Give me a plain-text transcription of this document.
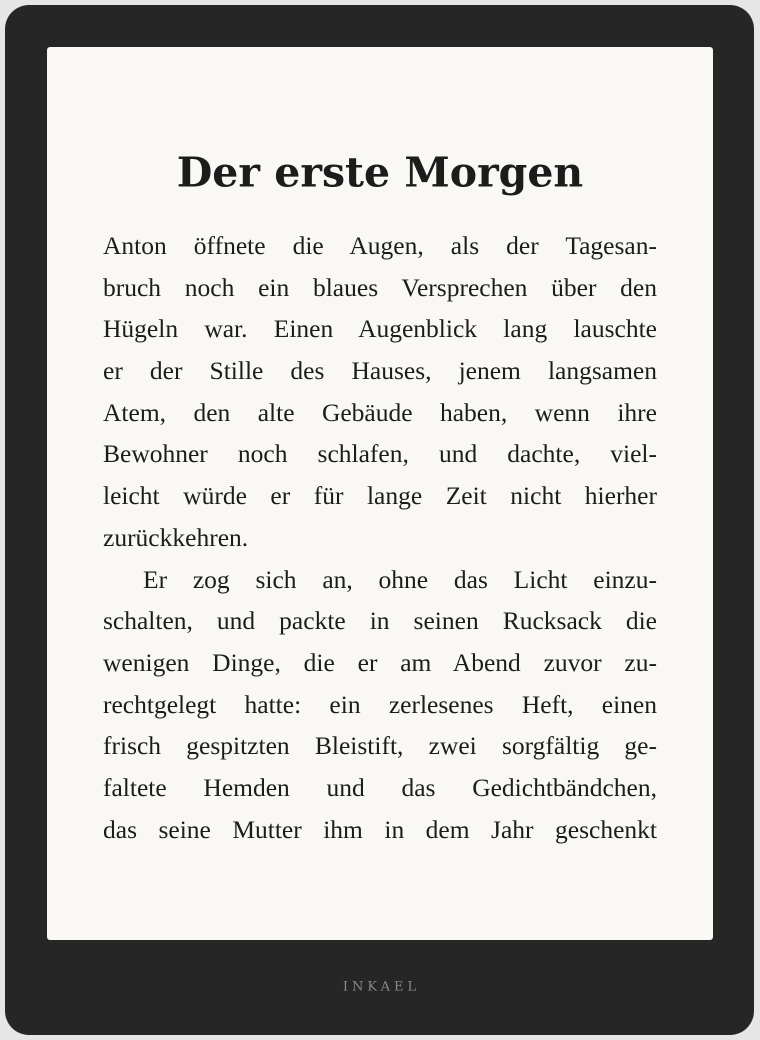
Der erste Morgen
Anton öffnete die Augen, als der Tagesan-
bruch noch ein blaues Versprechen über den
Hügeln war. Einen Augenblick lang lauschte
er der Stille des Hauses, jenem langsamen
Atem, den alte Gebäude haben, wenn ihre
Bewohner noch schlafen, und dachte, viel-
leicht würde er für lange Zeit nicht hierher
zurückkehren.
Er zog sich an, ohne das Licht einzu-
schalten, und packte in seinen Rucksack die
wenigen Dinge, die er am Abend zuvor zu-
rechtgelegt hatte: ein zerlesenes Heft, einen
frisch gespitzten Bleistift, zwei sorgfältig ge-
faltete Hemden und das Gedichtbändchen,
das seine Mutter ihm in dem Jahr geschenkt
INKAEL
